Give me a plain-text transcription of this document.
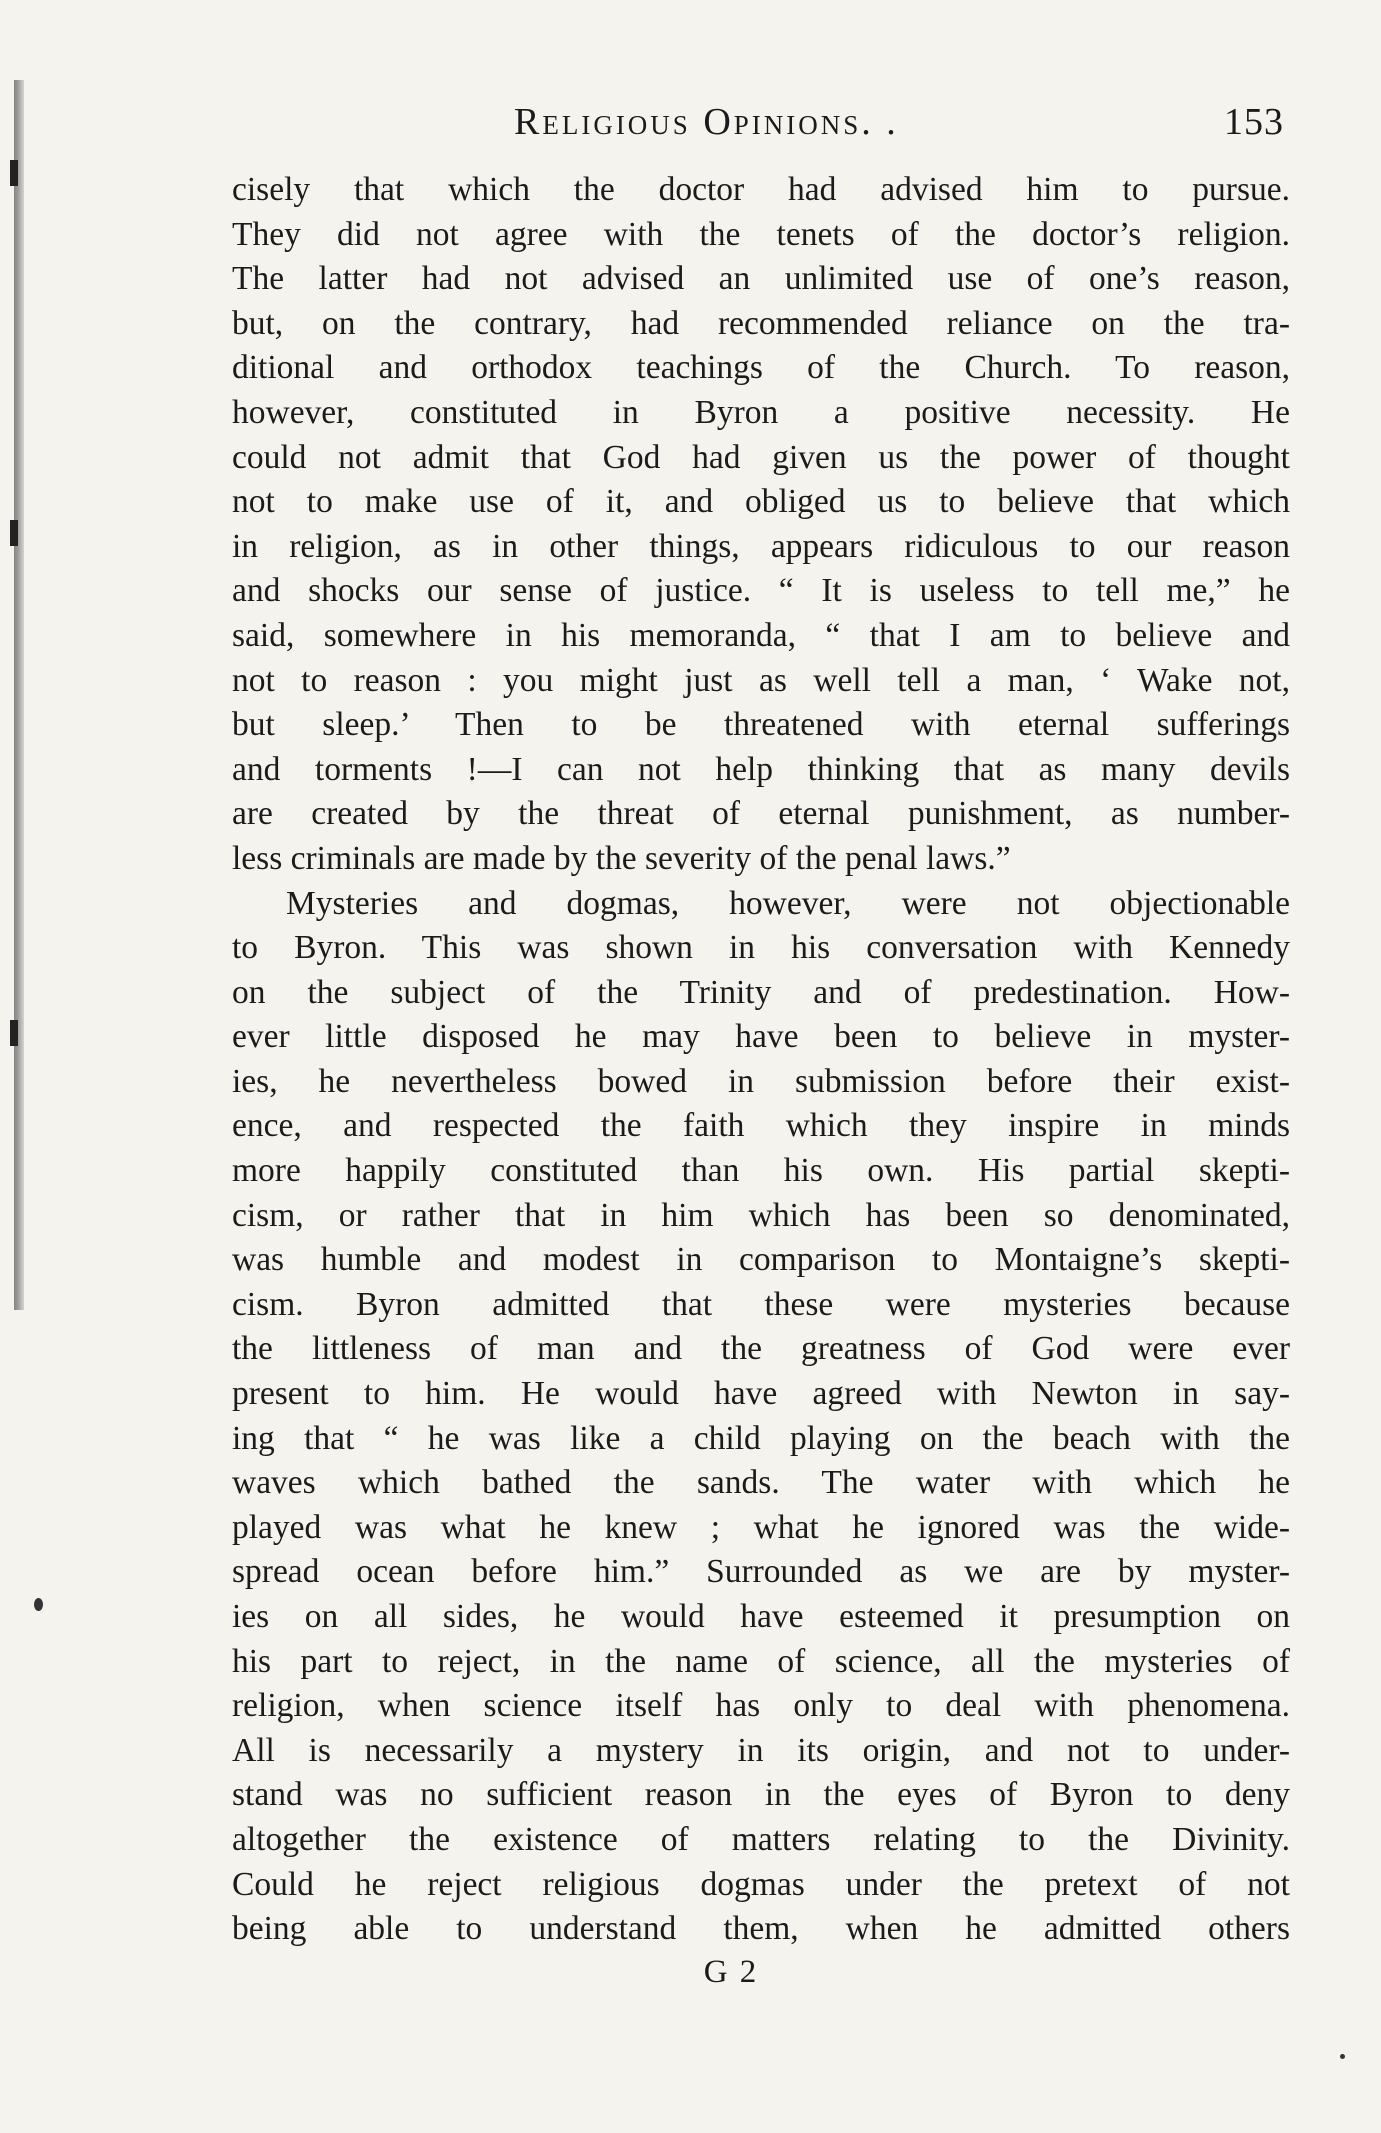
Religious Opinions. .	153
cisely that which the doctor had advised him to pursue.
They did not agree with the tenets of the doctor’s religion.
The latter had not advised an unlimited use of one’s reason,
but, on the contrary, had recommended reliance on the tra-
ditional and orthodox teachings of the Church. To reason,
however, constituted in Byron a positive necessity. He
could not admit that God had given us the power of thought
not to make use of it, and obliged us to believe that which
in religion, as in other things, appears ridiculous to our reason
and shocks our sense of justice. “ It is useless to tell me,” he
said, somewhere in his memoranda, “ that I am to believe and
not to reason : you might just as well tell a man, ‘ Wake not,
but sleep.’ Then to be threatened with eternal sufferings
and torments !—I can not help thinking that as many devils
are created by the threat of eternal punishment, as number-
less criminals are made by the severity of the penal laws.”
Mysteries and dogmas, however, were not objectionable
to Byron. This was shown in his conversation with Kennedy
on the subject of the Trinity and of predestination. How-
ever little disposed he may have been to believe in myster-
ies, he nevertheless bowed in submission before their exist-
ence, and respected the faith which they inspire in minds
more happily constituted than his own. His partial skepti-
cism, or rather that in him which has been so denominated,
was humble and modest in comparison to Montaigne’s skepti-
cism. Byron admitted that these were mysteries because
the littleness of man and the greatness of God were ever
present to him. He would have agreed with Newton in say-
ing that “ he was like a child playing on the beach with the
waves which bathed the sands. The water with which he
played was what he knew ; what he ignored was the wide-
spread ocean before him.” Surrounded as we are by myster-
ies on all sides, he would have esteemed it presumption on
his part to reject, in the name of science, all the mysteries of
religion, when science itself has only to deal with phenomena.
All is necessarily a mystery in its origin, and not to under-
stand was no sufficient reason in the eyes of Byron to deny
altogether the existence of matters relating to the Divinity.
Could he reject religious dogmas under the pretext of not
being able to understand them, when he admitted others
G 2
